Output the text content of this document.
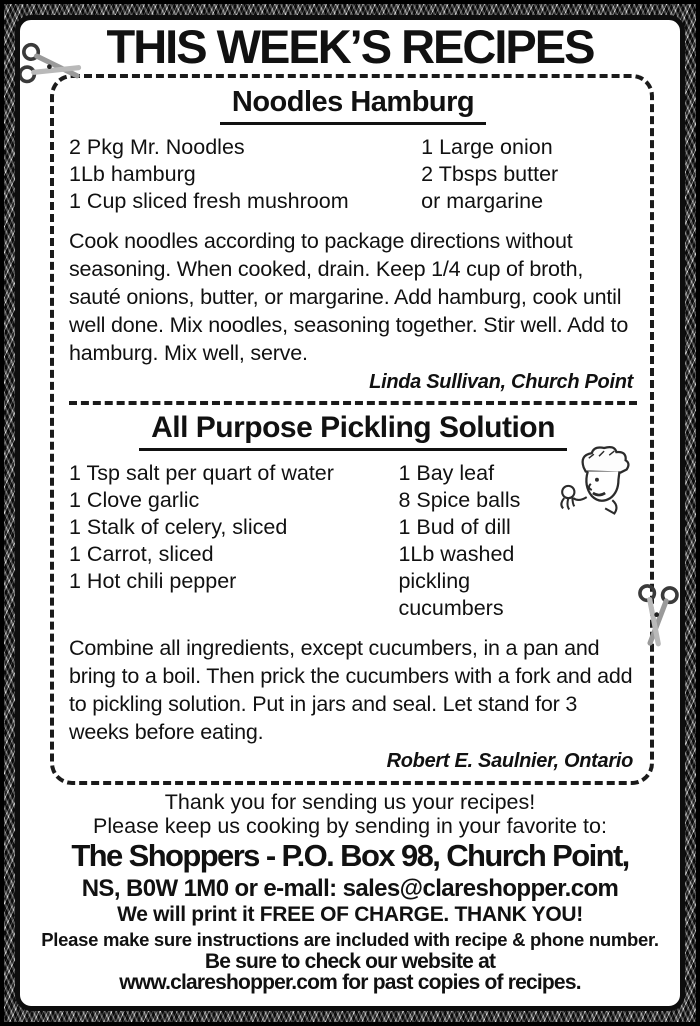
THIS WEEK’S RECIPES
Noodles Hamburg
2 Pkg Mr. Noodles
1Lb hamburg
1 Cup sliced fresh mushroom
1 Large onion
2 Tbsps butter
or margarine

Cook noodles according to package directions without seasoning. When cooked, drain. Keep 1/4 cup of broth, sauté onions, butter, or margarine. Add hamburg, cook until well done. Mix noodles, seasoning together. Stir well. Add to hamburg. Mix well, serve.

Linda Sullivan, Church Point
All Purpose Pickling Solution
1 Tsp salt per quart of water
1 Clove garlic
1 Stalk of celery, sliced
1 Carrot, sliced
1 Hot chili pepper
1 Bay leaf
8 Spice balls
1 Bud of dill
1Lb washed pickling cucumbers

Combine all ingredients, except cucumbers, in a pan and bring to a boil. Then prick the cucumbers with a fork and add to pickling solution. Put in jars and seal. Let stand for 3 weeks before eating.

Robert E. Saulnier, Ontario
Thank you for sending us your recipes!
Please keep us cooking by sending in your favorite to:
The Shoppers - P.O. Box 98, Church Point,
NS, B0W 1M0 or e-mall: sales@clareshopper.com
We will print it FREE OF CHARGE. THANK YOU!
Please make sure instructions are included with recipe & phone number.
Be sure to check our website at
www.clareshopper.com for past copies of recipes.
